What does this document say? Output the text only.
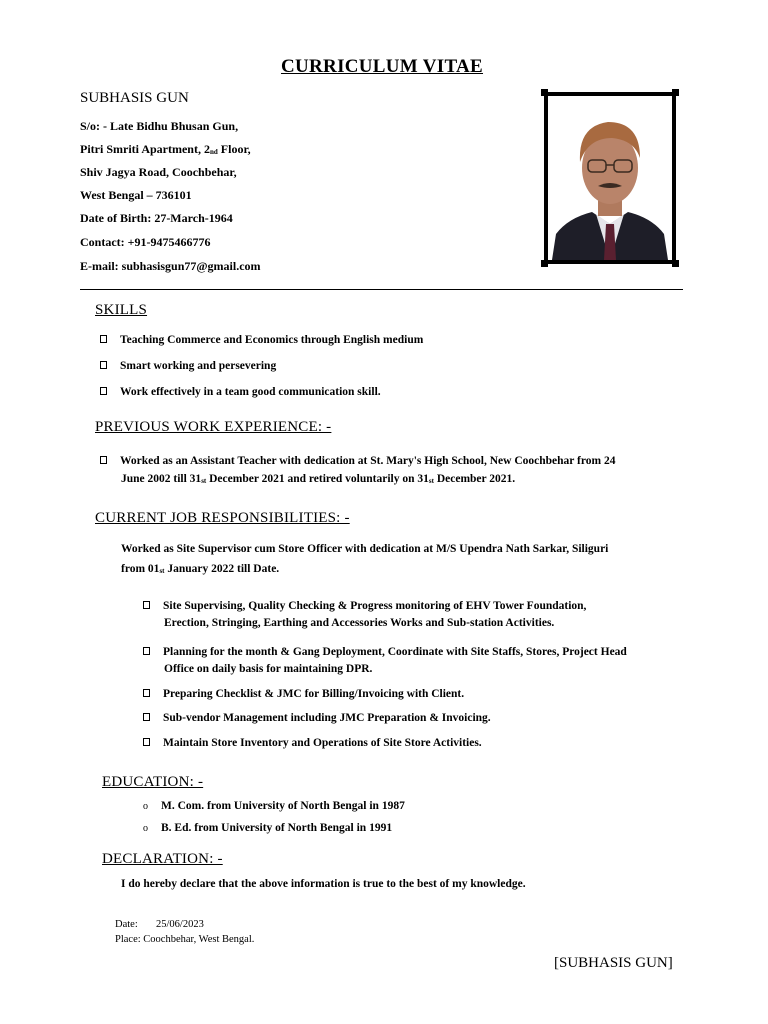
CURRICULUM VITAE
SUBHASIS GUN
S/o: - Late Bidhu Bhusan Gun,
Pitri Smriti Apartment, $2_{nd}$ Floor,
Shiv Jagya Road, Coochbehar,
West Bengal – 736101
Date of Birth: 27-March-1964
Contact: +91-9475466776
E-mail: subhasisgun77@gmail.com
SKILLS
Teaching Commerce and Economics through English medium
Smart working and persevering
Work effectively in a team good communication skill.
PREVIOUS WORK EXPERIENCE: -
Worked as an Assistant Teacher with dedication at St. Mary's High School, New Coochbehar from 24
June 2002 till $31_{st}$ December 2021 and retired voluntarily on $31_{st}$ December 2021.
CURRENT JOB RESPONSIBILITIES: -
Worked as Site Supervisor cum Store Officer with dedication at M/S Upendra Nath Sarkar, Siliguri
from $01_{st}$ January 2022 till Date.
Site Supervising, Quality Checking & Progress monitoring of EHV Tower Foundation,
Erection, Stringing, Earthing and Accessories Works and Sub-station Activities.
Planning for the month & Gang Deployment, Coordinate with Site Staffs, Stores, Project Head
Office on daily basis for maintaining DPR.
Preparing Checklist & JMC for Billing/Invoicing with Client.
Sub-vendor Management including JMC Preparation & Invoicing.
Maintain Store Inventory and Operations of Site Store Activities.
EDUCATION: -
o M. Com. from University of North Bengal in 1987
o B. Ed. from University of North Bengal in 1991
DECLARATION: -
I do hereby declare that the above information is true to the best of my knowledge.
Date: 25/06/2023
Place: Coochbehar, West Bengal.
[SUBHASIS GUN]
